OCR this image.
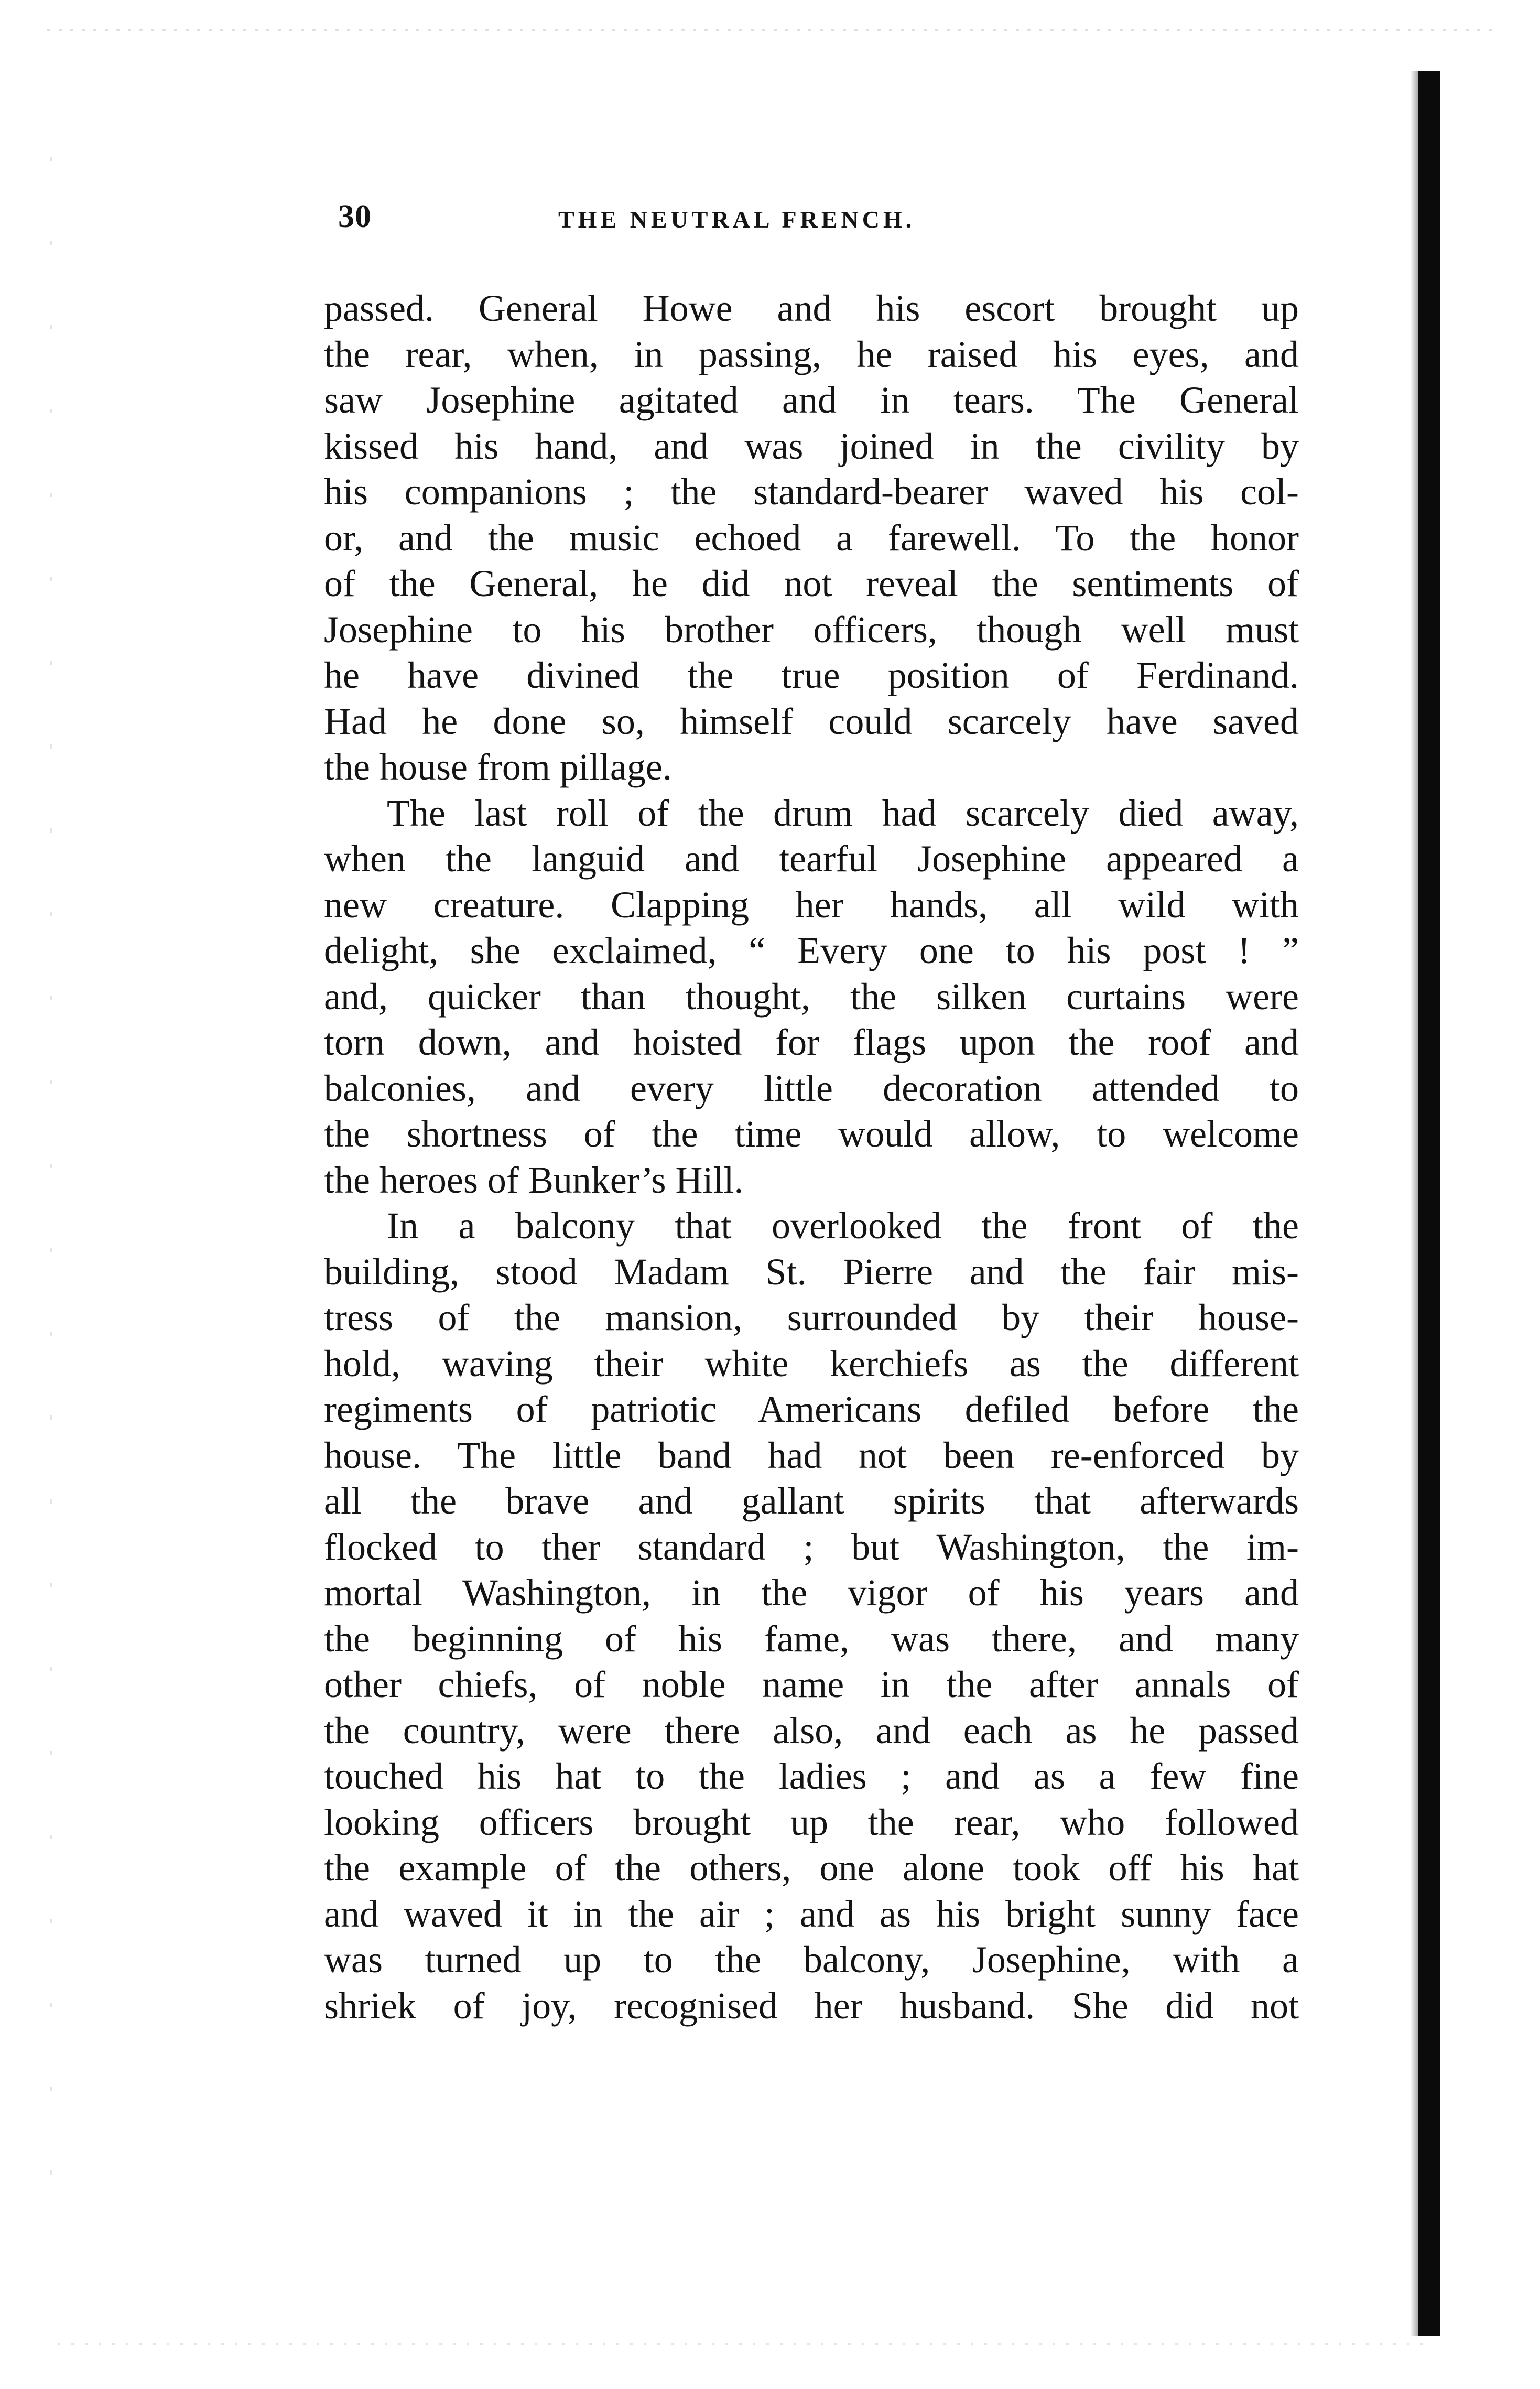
30	THE NEUTRAL FRENCH.
passed. General Howe and his escort brought up
the rear, when, in passing, he raised his eyes, and
saw Josephine agitated and in tears. The General
kissed his hand, and was joined in the civility by
his companions ; the standard-bearer waved his col-
or, and the music echoed a farewell. To the honor
of the General, he did not reveal the sentiments of
Josephine to his brother officers, though well must
he have divined the true position of Ferdinand.
Had he done so, himself could scarcely have saved
the house from pillage.
The last roll of the drum had scarcely died away,
when the languid and tearful Josephine appeared a
new creature. Clapping her hands, all wild with
delight, she exclaimed, “ Every one to his post ! ”
and, quicker than thought, the silken curtains were
torn down, and hoisted for flags upon the roof and
balconies, and every little decoration attended to
the shortness of the time would allow, to welcome
the heroes of Bunker’s Hill.
In a balcony that overlooked the front of the
building, stood Madam St. Pierre and the fair mis-
tress of the mansion, surrounded by their house-
hold, waving their white kerchiefs as the different
regiments of patriotic Americans defiled before the
house. The little band had not been re-enforced by
all the brave and gallant spirits that afterwards
flocked to ther standard ; but Washington, the im-
mortal Washington, in the vigor of his years and
the beginning of his fame, was there, and many
other chiefs, of noble name in the after annals of
the country, were there also, and each as he passed
touched his hat to the ladies ; and as a few fine
looking officers brought up the rear, who followed
the example of the others, one alone took off his hat
and waved it in the air ; and as his bright sunny face
was turned up to the balcony, Josephine, with a
shriek of joy, recognised her husband. She did not
